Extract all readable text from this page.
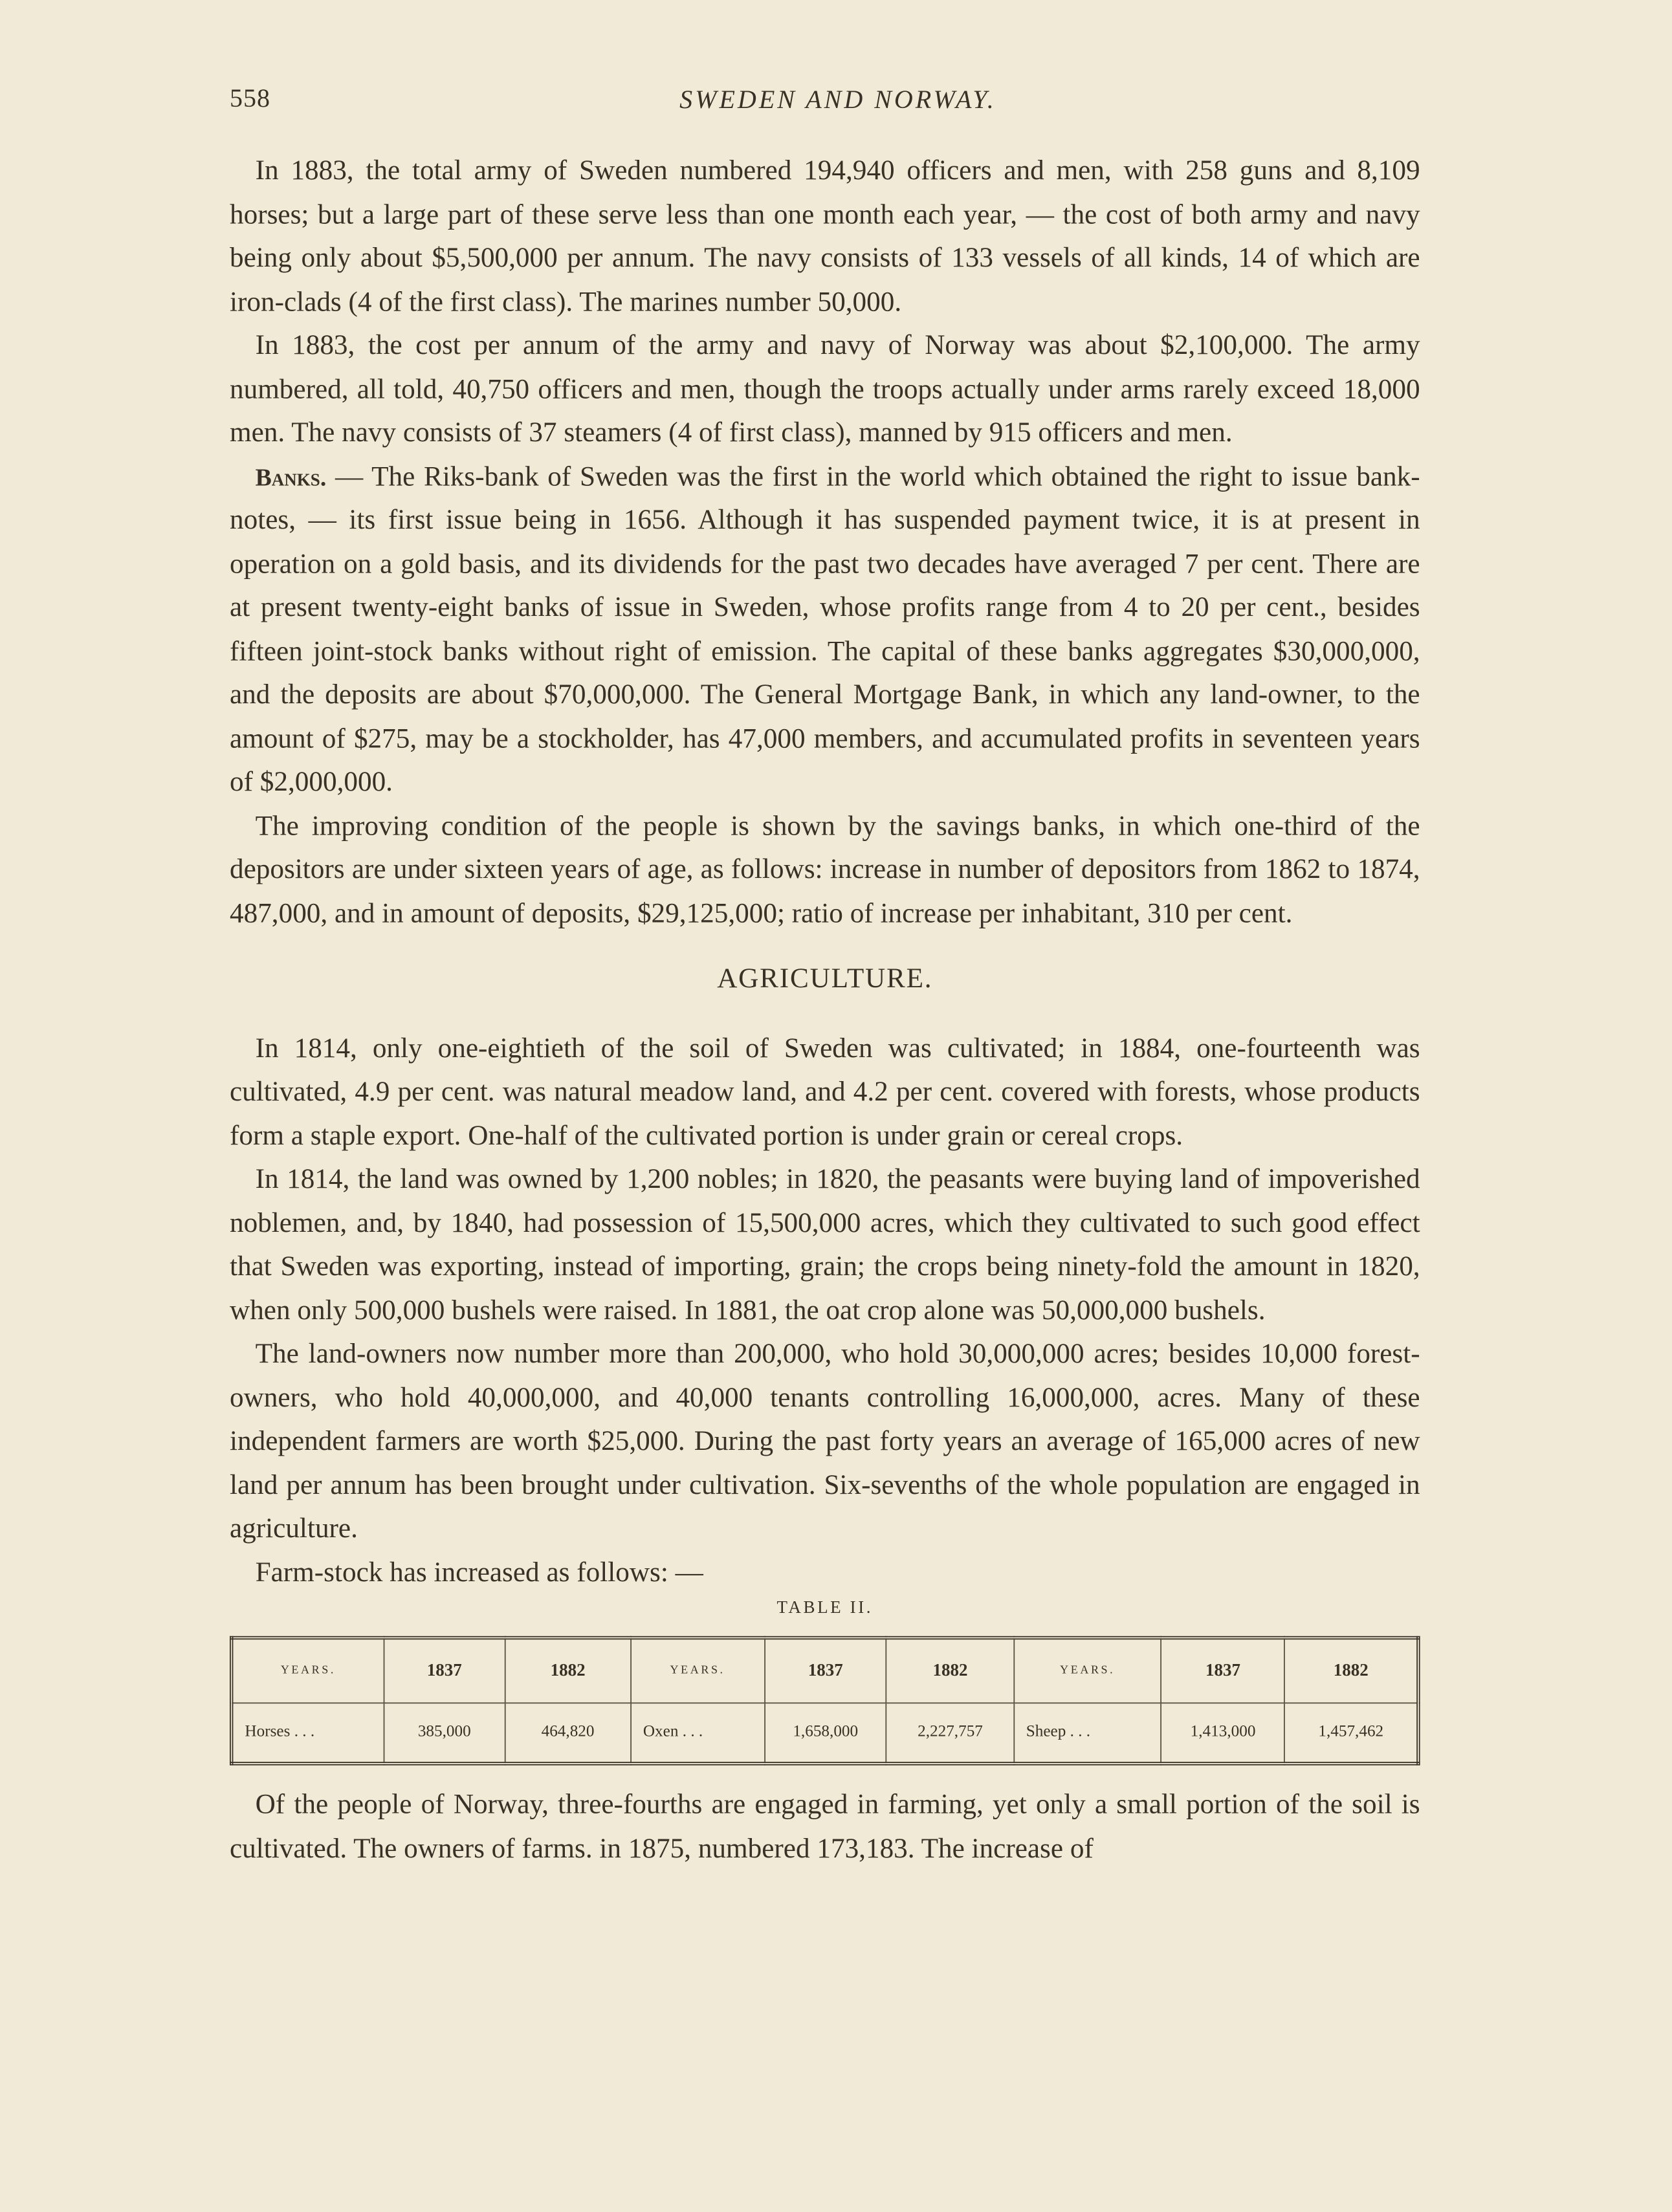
558	SWEDEN AND NORWAY.

In 1883, the total army of Sweden numbered 194,940 officers and men, with 258 guns and 8,109 horses; but a large part of these serve less than one month each year, — the cost of both army and navy being only about $5,500,000 per annum. The navy consists of 133 vessels of all kinds, 14 of which are iron-clads (4 of the first class). The marines number 50,000.

In 1883, the cost per annum of the army and navy of Norway was about $2,100,000. The army numbered, all told, 40,750 officers and men, though the troops actually under arms rarely exceed 18,000 men. The navy consists of 37 steamers (4 of first class), manned by 915 officers and men.

Banks. — The Riks-bank of Sweden was the first in the world which obtained the right to issue bank-notes, — its first issue being in 1656. Although it has suspended payment twice, it is at present in operation on a gold basis, and its dividends for the past two decades have averaged 7 per cent. There are at present twenty-eight banks of issue in Sweden, whose profits range from 4 to 20 per cent., besides fifteen joint-stock banks without right of emission. The capital of these banks aggregates $30,000,000, and the deposits are about $70,000,000. The General Mortgage Bank, in which any land-owner, to the amount of $275, may be a stockholder, has 47,000 members, and accumulated profits in seventeen years of $2,000,000.

The improving condition of the people is shown by the savings banks, in which one-third of the depositors are under sixteen years of age, as follows: increase in number of depositors from 1862 to 1874, 487,000, and in amount of deposits, $29,125,000; ratio of increase per inhabitant, 310 per cent.

AGRICULTURE.

In 1814, only one-eightieth of the soil of Sweden was cultivated; in 1884, one-fourteenth was cultivated, 4.9 per cent. was natural meadow land, and 4.2 per cent. covered with forests, whose products form a staple export. One-half of the cultivated portion is under grain or cereal crops.

In 1814, the land was owned by 1,200 nobles; in 1820, the peasants were buying land of impoverished noblemen, and, by 1840, had possession of 15,500,000 acres, which they cultivated to such good effect that Sweden was exporting, instead of importing, grain; the crops being ninety-fold the amount in 1820, when only 500,000 bushels were raised. In 1881, the oat crop alone was 50,000,000 bushels.

The land-owners now number more than 200,000, who hold 30,000,000 acres; besides 10,000 forest-owners, who hold 40,000,000, and 40,000 tenants controlling 16,000,000, acres. Many of these independent farmers are worth $25,000. During the past forty years an average of 165,000 acres of new land per annum has been brought under cultivation. Six-sevenths of the whole population are engaged in agriculture.

Farm-stock has increased as follows: —

TABLE II.
YEARS.	1837	1882	YEARS.	1837	1882	YEARS.	1837	1882
Horses . . .	385,000	464,820	Oxen . . .	1,658,000	2,227,757	Sheep . . .	1,413,000	1,457,462

Of the people of Norway, three-fourths are engaged in farming, yet only a small portion of the soil is cultivated. The owners of farms. in 1875, numbered 173,183. The increase of
